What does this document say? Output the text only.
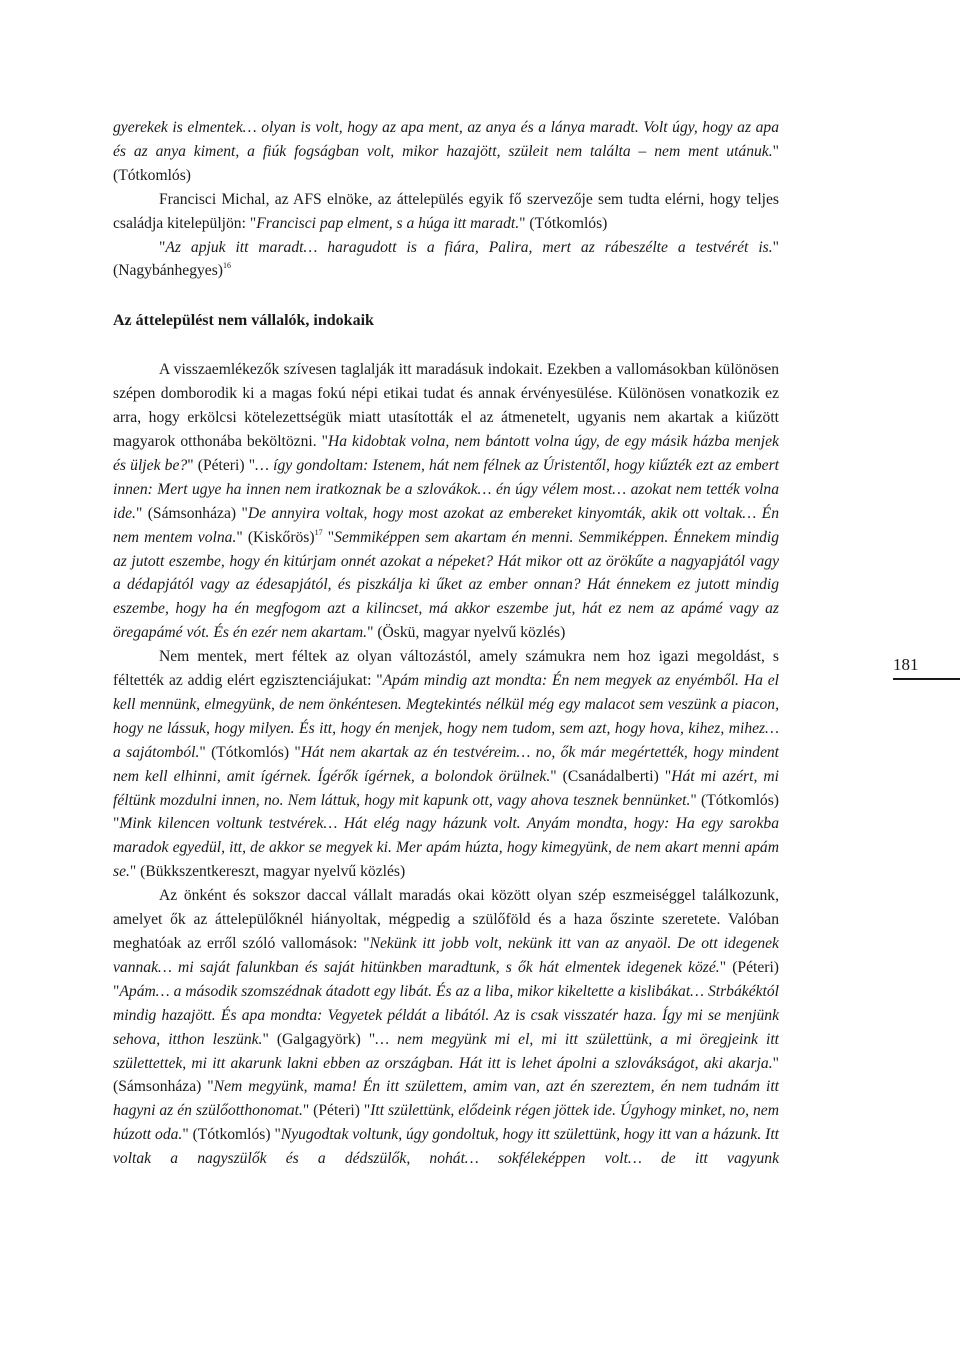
gyerekek is elmentek… olyan is volt, hogy az apa ment, az anya és a lánya maradt. Volt úgy, hogy az apa és az anya kiment, a fiúk fogságban volt, mikor hazajött, szüleit nem találta – nem ment utánuk." (Tótkomlós)

Francisci Michal, az AFS elnöke, az áttelepülés egyik fő szervezője sem tudta elérni, hogy teljes családja kitelepüljön: "Francisci pap elment, s a húga itt maradt." (Tótkomlós)

"Az apjuk itt maradt… haragudott is a fiára, Palira, mert az rábeszélte a testvérét is." (Nagybánhegyes)$^{16}$

Az áttelepülést nem vállalók, indokaik

A visszaemlékezők szívesen taglalják itt maradásuk indokait. Ezekben a vallomásokban különösen szépen domborodik ki a magas fokú népi etikai tudat és annak érvényesülése. Különösen vonatkozik ez arra, hogy erkölcsi kötelezettségük miatt utasították el az átmenetelt, ugyanis nem akartak a kiűzött magyarok otthonába beköltözni. "Ha kidobtak volna, nem bántott volna úgy, de egy másik házba menjek és üljek be?" (Péteri) "… így gondoltam: Istenem, hát nem félnek az Úristentől, hogy kiűzték ezt az embert innen: Mert ugye ha innen nem iratkoznak be a szlovákok… én úgy vélem most… azokat nem tették volna ide." (Sámsonháza) "De annyira voltak, hogy most azokat az embereket kinyomták, akik ott voltak… Én nem mentem volna." (Kiskőrös)$^{17}$ "Semmiképpen sem akartam én menni. Semmiképpen. Énnekem mindig az jutott eszembe, hogy én kitúrjam onnét azokat a népeket? Hát mikor ott az örökűte a nagyapjától vagy a dédapjától vagy az édesapjától, és piszkálja ki űket az ember onnan? Hát énnekem ez jutott mindig eszembe, hogy ha én megfogom azt a kilincset, má akkor eszembe jut, hát ez nem az apámé vagy az öregapámé vót. És én ezér nem akartam." (Öskü, magyar nyelvű közlés)

Nem mentek, mert féltek az olyan változástól, amely számukra nem hoz igazi megoldást, s féltették az addig elért egzisztenciájukat: "Apám mindig azt mondta: Én nem megyek az enyémből. Ha el kell mennünk, elmegyünk, de nem önkéntesen. Megtekintés nélkül még egy malacot sem veszünk a piacon, hogy ne lássuk, hogy milyen. És itt, hogy én menjek, hogy nem tudom, sem azt, hogy hova, kihez, mihez… a sajátomból." (Tótkomlós) "Hát nem akartak az én testvéreim… no, ők már megértették, hogy mindent nem kell elhinni, amit ígérnek. Ígérők ígérnek, a bolondok örülnek." (Csanádalberti) "Hát mi azért, mi féltünk mozdulni innen, no. Nem láttuk, hogy mit kapunk ott, vagy ahova tesznek bennünket." (Tótkomlós) "Mink kilencen voltunk testvérek… Hát elég nagy házunk volt. Anyám mondta, hogy: Ha egy sarokba maradok egyedül, itt, de akkor se megyek ki. Mer apám húzta, hogy kimegyünk, de nem akart menni apám se." (Bükkszentkereszt, magyar nyelvű közlés)

Az önként és sokszor daccal vállalt maradás okai között olyan szép eszmeiséggel találkozunk, amelyet ők az áttelepülőknél hiányoltak, mégpedig a szülőföld és a haza őszinte szeretete. Valóban meghatóak az erről szóló vallomások: "Nekünk itt jobb volt, nekünk itt van az anyaöl. De ott idegenek vannak… mi saját falunkban és saját hitünkben maradtunk, s ők hát elmentek idegenek közé." (Péteri) "Apám… a második szomszédnak átadott egy libát. És az a liba, mikor kikeltette a kislibákat… Strbákéktól mindig hazajött. És apa mondta: Vegyetek példát a libától. Az is csak visszatér haza. Így mi se menjünk sehova, itthon leszünk." (Galgagyörk) "… nem megyünk mi el, mi itt születtünk, a mi öregjeink itt születtettek, mi itt akarunk lakni ebben az országban. Hát itt is lehet ápolni a szlovákságot, aki akarja." (Sámsonháza) "Nem megyünk, mama! Én itt születtem, amim van, azt én szereztem, én nem tudnám itt hagyni az én szülőotthonomat." (Péteri) "Itt születtünk, elődeink régen jöttek ide. Úgyhogy minket, no, nem húzott oda." (Tótkomlós) "Nyugodtak voltunk, úgy gondoltuk, hogy itt születtünk, hogy itt van a házunk. Itt voltak a nagyszülők és a dédszülők, nohát… sokféleképpen volt… de itt vagyunk

181
